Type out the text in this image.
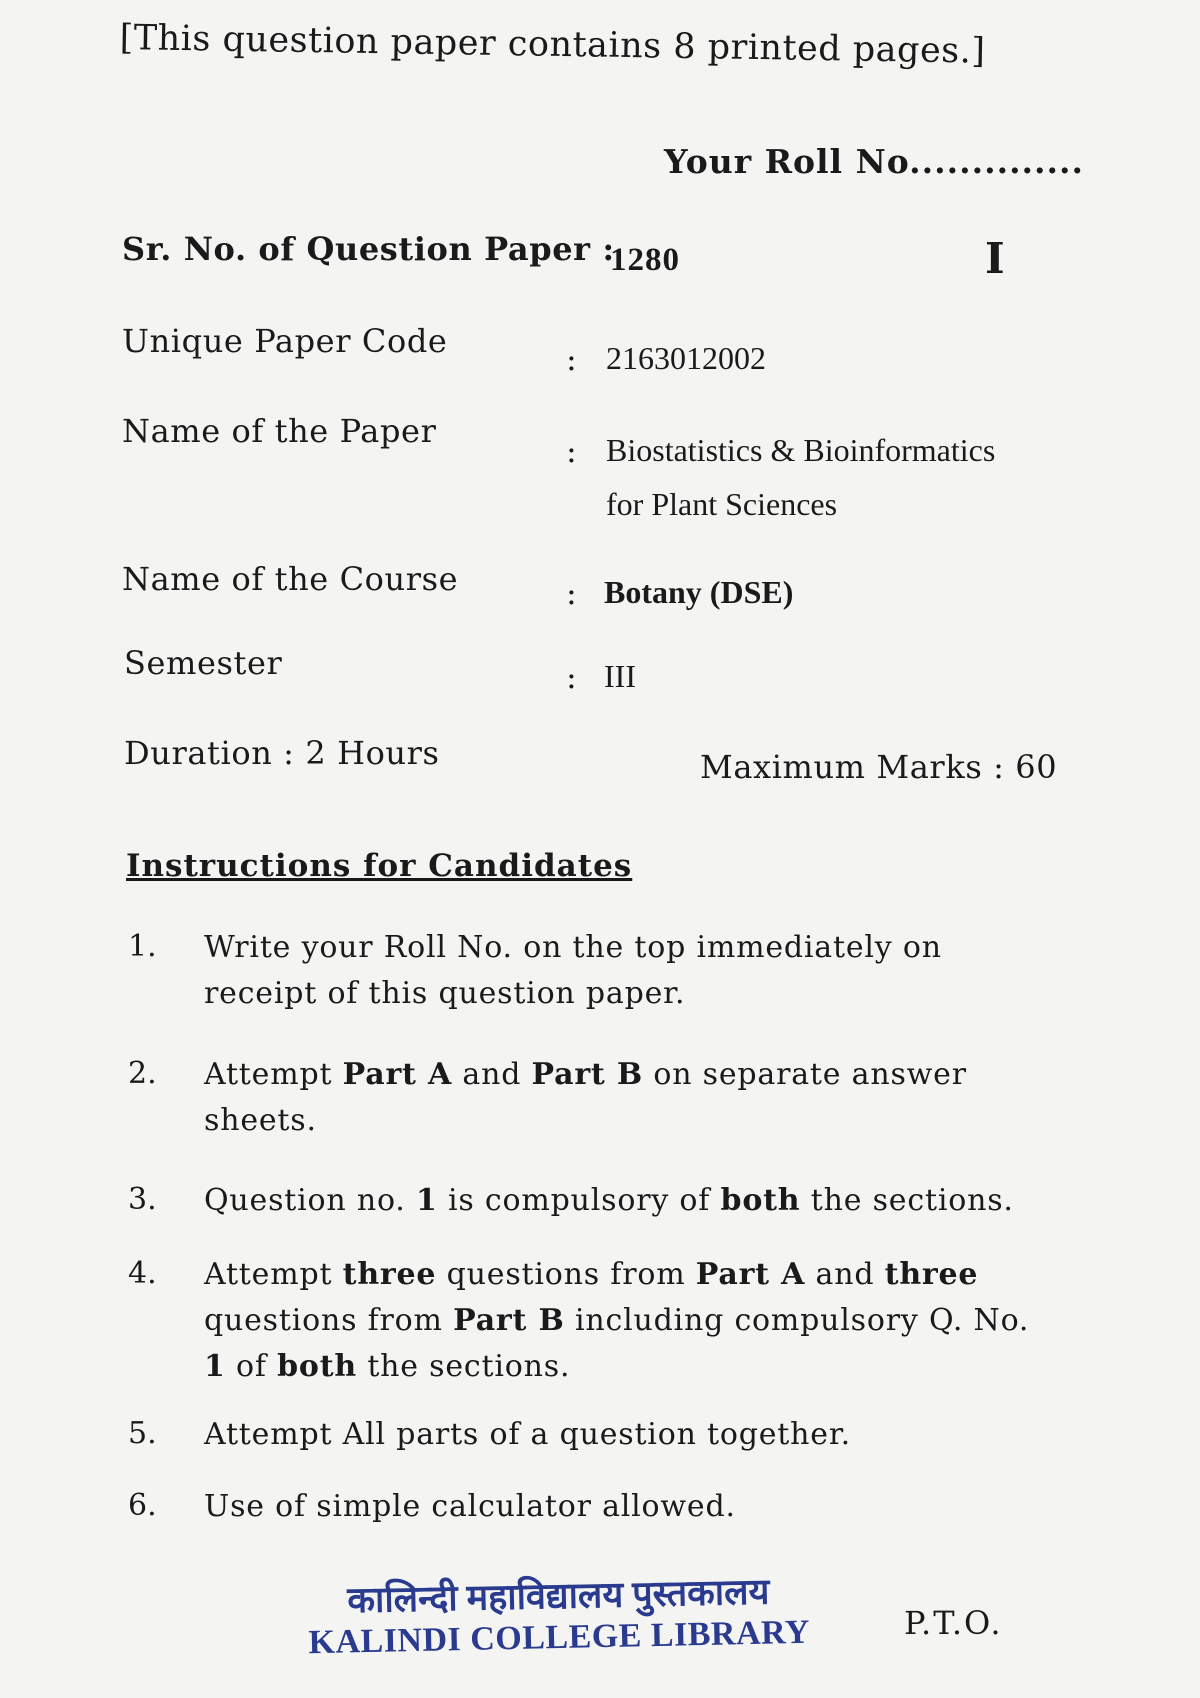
[This question paper contains 8 printed pages.]
Your Roll No..............
Sr. No. of Question Paper :
1280	I
Unique Paper Code	: 2163012002
Name of the Paper
: Biostatistics & Bioinformatics
for Plant Sciences
Name of the Course	: Botany (DSE)
Semester	: III
Duration : 2 Hours	Maximum Marks : 60
Instructions for Candidates
1. Write your Roll No. on the top immediately on receipt of this question paper.
2. Attempt Part A and Part B on separate answer sheets.
3. Question no. 1 is compulsory of both the sections.
4. Attempt three questions from Part A and three questions from Part B including compulsory Q. No. 1 of both the sections.
5. Attempt All parts of a question together.
6. Use of simple calculator allowed.
कालिन्दी महाविद्यालय पुस्तकालय
KALINDI COLLEGE LIBRARY	P.T.O.
